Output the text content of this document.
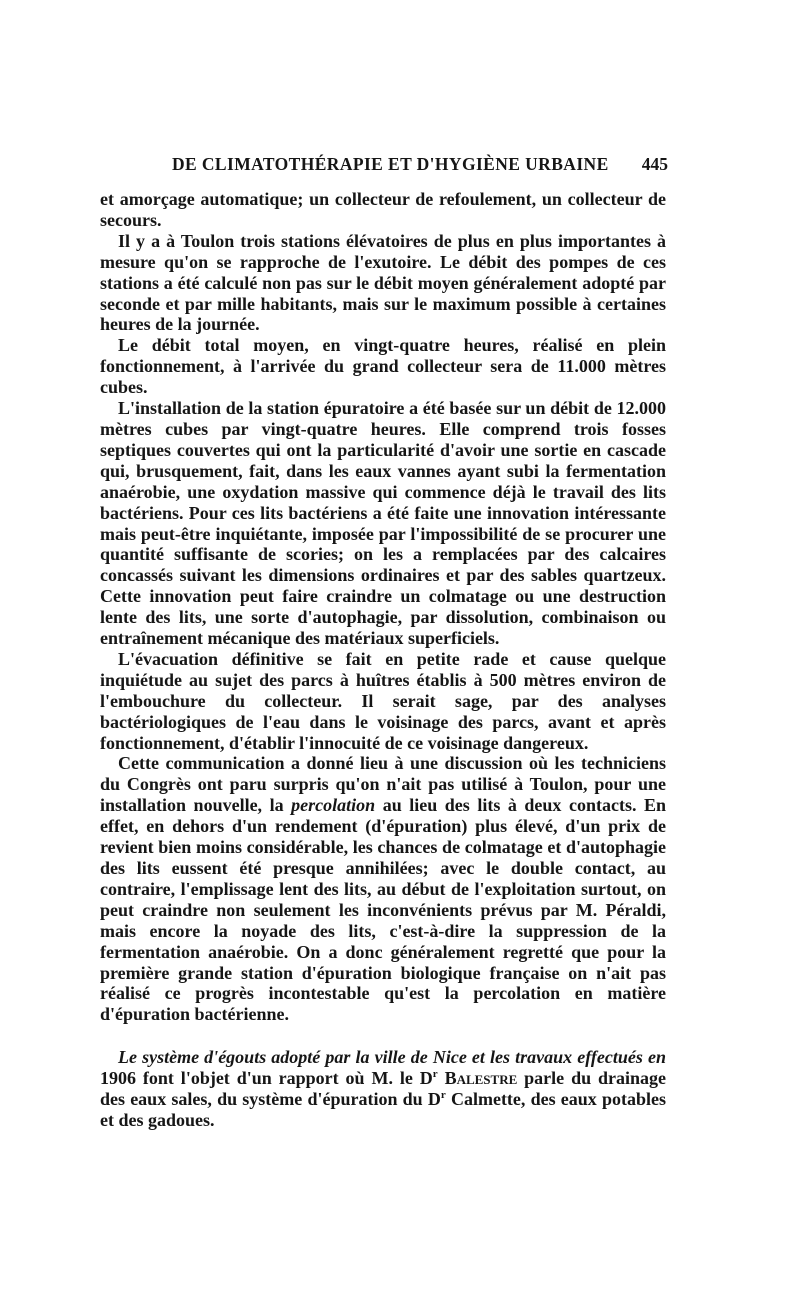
DE CLIMATOTHÉRAPIE ET D'HYGIÈNE URBAINE 445

et amorçage automatique; un collecteur de refoulement, un collecteur de secours.

Il y a à Toulon trois stations élévatoires de plus en plus importantes à mesure qu'on se rapproche de l'exutoire. Le débit des pompes de ces stations a été calculé non pas sur le débit moyen généralement adopté par seconde et par mille habitants, mais sur le maximum possible à certaines heures de la journée.

Le débit total moyen, en vingt-quatre heures, réalisé en plein fonctionnement, à l'arrivée du grand collecteur sera de 11.000 mètres cubes.

L'installation de la station épuratoire a été basée sur un débit de 12.000 mètres cubes par vingt-quatre heures. Elle comprend trois fosses septiques couvertes qui ont la particularité d'avoir une sortie en cascade qui, brusquement, fait, dans les eaux vannes ayant subi la fermentation anaérobie, une oxydation massive qui commence déjà le travail des lits bactériens. Pour ces lits bactériens a été faite une innovation intéressante mais peut-être inquiétante, imposée par l'impossibilité de se procurer une quantité suffisante de scories; on les a remplacées par des calcaires concassés suivant les dimensions ordinaires et par des sables quartzeux. Cette innovation peut faire craindre un colmatage ou une destruction lente des lits, une sorte d'autophagie, par dissolution, combinaison ou entraînement mécanique des matériaux superficiels.

L'évacuation définitive se fait en petite rade et cause quelque inquiétude au sujet des parcs à huîtres établis à 500 mètres environ de l'embouchure du collecteur. Il serait sage, par des analyses bactériologiques de l'eau dans le voisinage des parcs, avant et après fonctionnement, d'établir l'innocuité de ce voisinage dangereux.

Cette communication a donné lieu à une discussion où les techniciens du Congrès ont paru surpris qu'on n'ait pas utilisé à Toulon, pour une installation nouvelle, la percolation au lieu des lits à deux contacts. En effet, en dehors d'un rendement (d'épuration) plus élevé, d'un prix de revient bien moins considérable, les chances de colmatage et d'autophagie des lits eussent été presque annihilées; avec le double contact, au contraire, l'emplissage lent des lits, au début de l'exploitation surtout, on peut craindre non seulement les inconvénients prévus par M. Péraldi, mais encore la noyade des lits, c'est-à-dire la suppression de la fermentation anaérobie. On a donc généralement regretté que pour la première grande station d'épuration biologique française on n'ait pas réalisé ce progrès incontestable qu'est la percolation en matière d'épuration bactérienne.

Le système d'égouts adopté par la ville de Nice et les travaux effectués en 1906 font l'objet d'un rapport où M. le $D^r$ Balestre parle du drainage des eaux sales, du système d'épuration du $D^r$ Calmette, des eaux potables et des gadoues.
